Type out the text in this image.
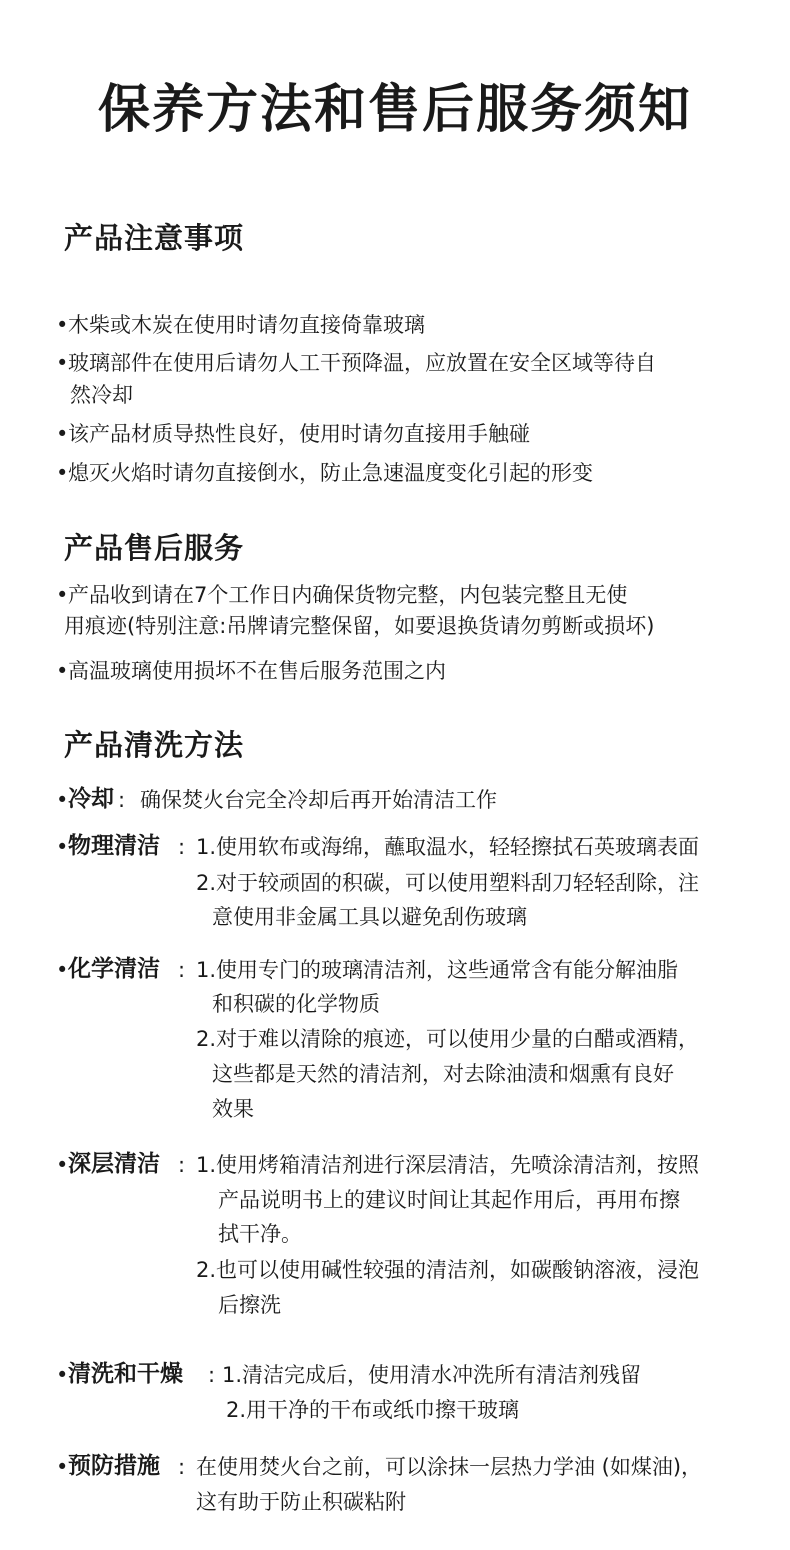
保养方法和售后服务须知
产品注意事项
• 木柴或木炭在使用时请勿直接倚靠玻璃
• 玻璃部件在使用后请勿人工干预降温，应放置在安全区域等待自
然冷却
• 该产品材质导热性良好，使用时请勿直接用手触碰
• 熄灭火焰时请勿直接倒水，防止急速温度变化引起的形变
产品售后服务
• 产品收到请在7个工作日内确保货物完整，内包装完整且无使
用痕迹(特别注意:吊牌请完整保留，如要退换货请勿剪断或损坏)
• 高温玻璃使用损坏不在售后服务范围之内
产品清洗方法
• 冷却 : 确保焚火台完全冷却后再开始清洁工作
• 物理清洁 : 1.使用软布或海绵，蘸取温水，轻轻擦拭石英玻璃表面
2.对于较顽固的积碳，可以使用塑料刮刀轻轻刮除，注
意使用非金属工具以避免刮伤玻璃
• 化学清洁 : 1.使用专门的玻璃清洁剂，这些通常含有能分解油脂
和积碳的化学物质
2.对于难以清除的痕迹，可以使用少量的白醋或酒精，
这些都是天然的清洁剂，对去除油渍和烟熏有良好
效果
• 深层清洁 : 1.使用烤箱清洁剂进行深层清洁，先喷涂清洁剂，按照
产品说明书上的建议时间让其起作用后，再用布擦
拭干净。
2.也可以使用碱性较强的清洁剂，如碳酸钠溶液，浸泡
后擦洗
• 清洗和干燥 : 1.清洁完成后，使用清水冲洗所有清洁剂残留
2.用干净的干布或纸巾擦干玻璃
• 预防措施 : 在使用焚火台之前，可以涂抹一层热力学油 (如煤油)，
这有助于防止积碳粘附
